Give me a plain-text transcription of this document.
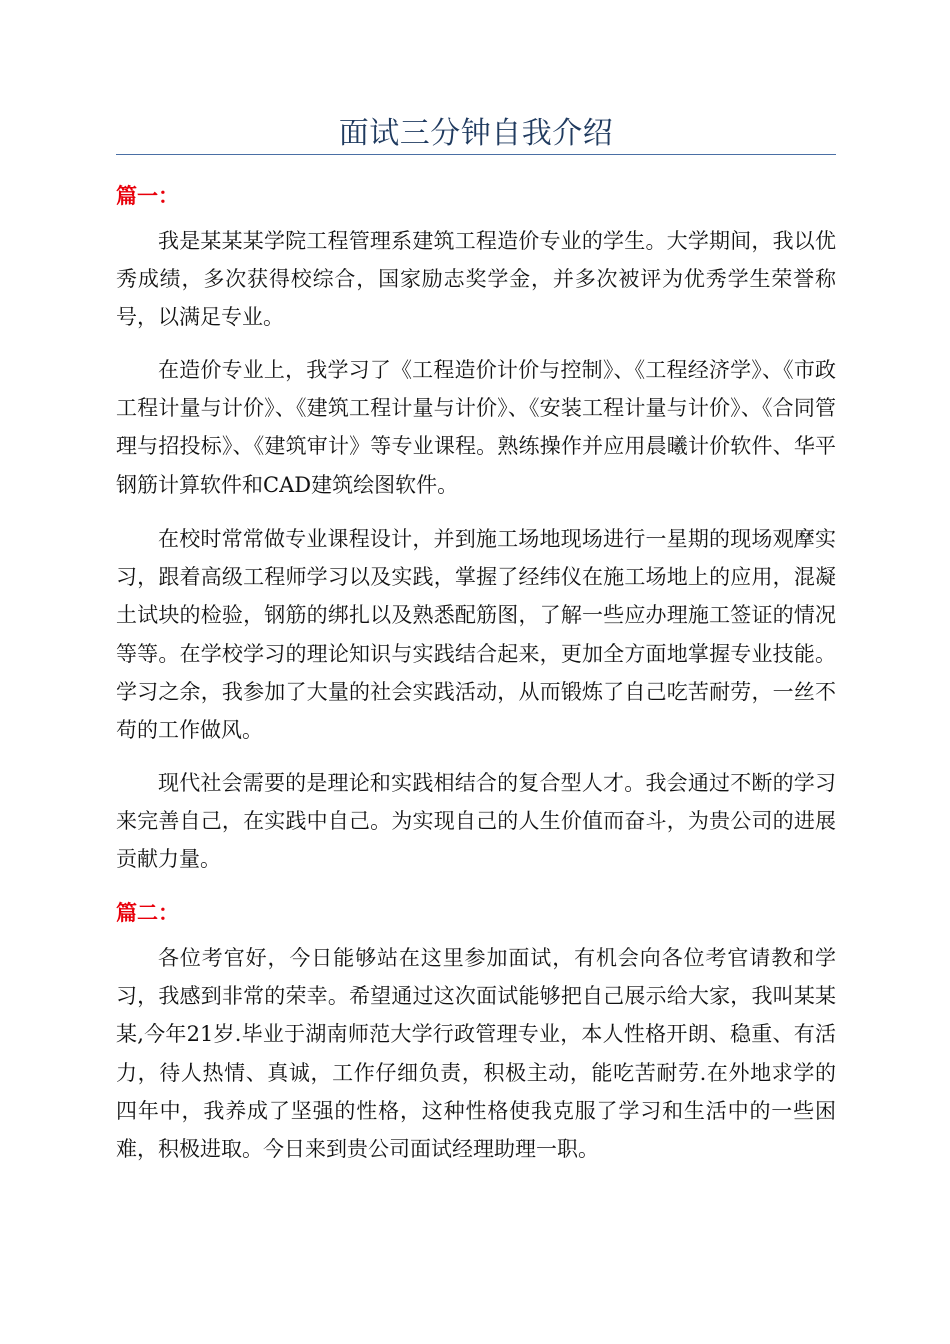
面试三分钟自我介绍
篇一：

我是某某某学院工程管理系建筑工程造价专业的学生。大学期间，我以优秀成绩，多次获得校综合，国家励志奖学金，并多次被评为优秀学生荣誉称号，以满足专业。

在造价专业上，我学习了《工程造价计价与控制》、《工程经济学》、《市政工程计量与计价》、《建筑工程计量与计价》、《安装工程计量与计价》、《合同管理与招投标》、《建筑审计》等专业课程。熟练操作并应用晨曦计价软件、华平钢筋计算软件和CAD建筑绘图软件。

在校时常常做专业课程设计，并到施工场地现场进行一星期的现场观摩实习，跟着高级工程师学习以及实践，掌握了经纬仪在施工场地上的应用，混凝土试块的检验，钢筋的绑扎以及熟悉配筋图，了解一些应办理施工签证的情况等等。在学校学习的理论知识与实践结合起来，更加全方面地掌握专业技能。学习之余，我参加了大量的社会实践活动，从而锻炼了自己吃苦耐劳，一丝不苟的工作做风。

现代社会需要的是理论和实践相结合的复合型人才。我会通过不断的学习来完善自己，在实践中自己。为实现自己的人生价值而奋斗，为贵公司的进展贡献力量。

篇二：

各位考官好，今日能够站在这里参加面试，有机会向各位考官请教和学习，我感到非常的荣幸。希望通过这次面试能够把自己展示给大家，我叫某某某,今年21岁.毕业于湖南师范大学行政管理专业，本人性格开朗、稳重、有活力，待人热情、真诚，工作仔细负责，积极主动，能吃苦耐劳.在外地求学的四年中，我养成了坚强的性格，这种性格使我克服了学习和生活中的一些困难，积极进取。今日来到贵公司面试经理助理一职。
